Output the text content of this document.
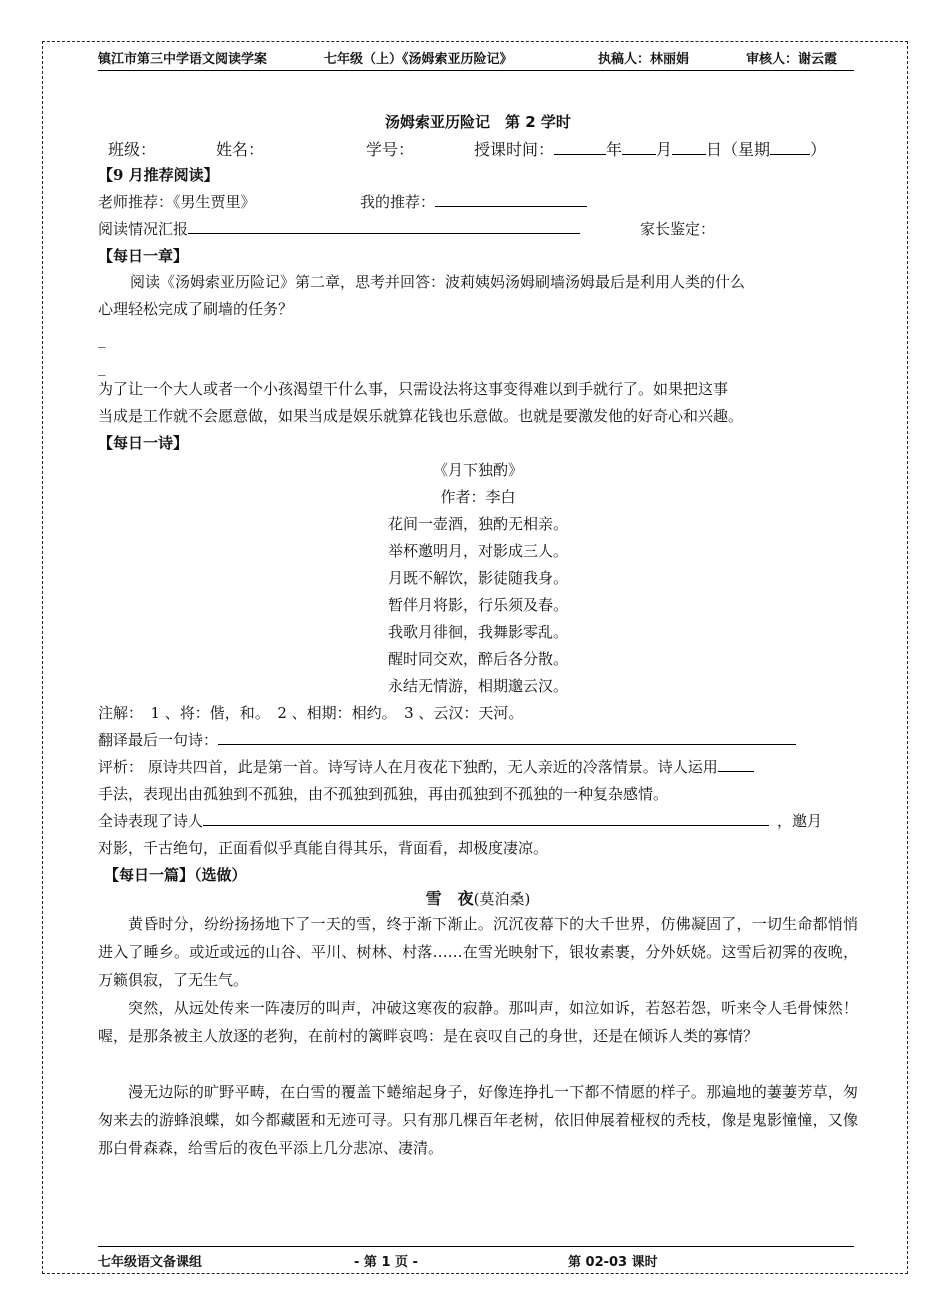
镇江市第三中学语文阅读学案	七年级（上）《汤姆索亚历险记》	执稿人：林丽娟	审核人：谢云霞
汤姆索亚历险记　第 2 学时
班级：	姓名：	学号：	授课时间：	年 月 日（星期	）
【9 月推荐阅读】
老师推荐：《男生贾里》	我的推荐：
阅读情况汇报	家长鉴定：
【每日一章】
阅读《汤姆索亚历险记》第二章，思考并回答：波莉姨妈汤姆刷墙汤姆最后是利用人类的什么
心理轻松完成了刷墙的任务？
_
_
为了让一个大人或者一个小孩渴望干什么事，只需设法将这事变得难以到手就行了。如果把这事
当成是工作就不会愿意做，如果当成是娱乐就算花钱也乐意做。也就是要激发他的好奇心和兴趣。
【每日一诗】
《月下独酌》
作者：李白
花间一壶酒，独酌无相亲。
举杯邀明月，对影成三人。
月既不解饮，影徒随我身。
暂伴月将影，行乐须及春。
我歌月徘徊，我舞影零乱。
醒时同交欢，醉后各分散。
永结无情游，相期邈云汉。
注解：　1 、将：偕，和。　2 、相期：相约。　3 、云汉：天河。
翻译最后一句诗：
评析： 原诗共四首，此是第一首。诗写诗人在月夜花下独酌，无人亲近的冷落情景。诗人运用
手法，表现出由孤独到不孤独，由不孤独到孤独，再由孤独到不孤独的一种复杂感情。
全诗表现了诗人	，邀月
对影，千古绝句，正面看似乎真能自得其乐，背面看，却极度凄凉。
【每日一篇】（选做）
雪　夜(莫泊桑)
黄昏时分，纷纷扬扬地下了一天的雪，终于渐下渐止。沉沉夜幕下的大千世界，仿佛凝固了，一切生命都悄悄进入了睡乡。或近或远的山谷、平川、树林、村落……在雪光映射下，银妆素裹，分外妖娆。这雪后初霁的夜晚，万籁俱寂，了无生气。
突然，从远处传来一阵凄厉的叫声，冲破这寒夜的寂静。那叫声，如泣如诉，若怒若怨，听来令人毛骨悚然！喔，是那条被主人放逐的老狗，在前村的篱畔哀鸣：是在哀叹自己的身世，还是在倾诉人类的寡情？
漫无边际的旷野平畴，在白雪的覆盖下蜷缩起身子，好像连挣扎一下都不情愿的样子。那遍地的萋萋芳草，匆匆来去的游蜂浪蝶，如今都藏匿和无迹可寻。只有那几棵百年老树，依旧伸展着桠杈的秃枝，像是鬼影憧憧，又像那白骨森森，给雪后的夜色平添上几分悲凉、凄清。
七年级语文备课组	- 第 1 页 -	第 02-03 课时
